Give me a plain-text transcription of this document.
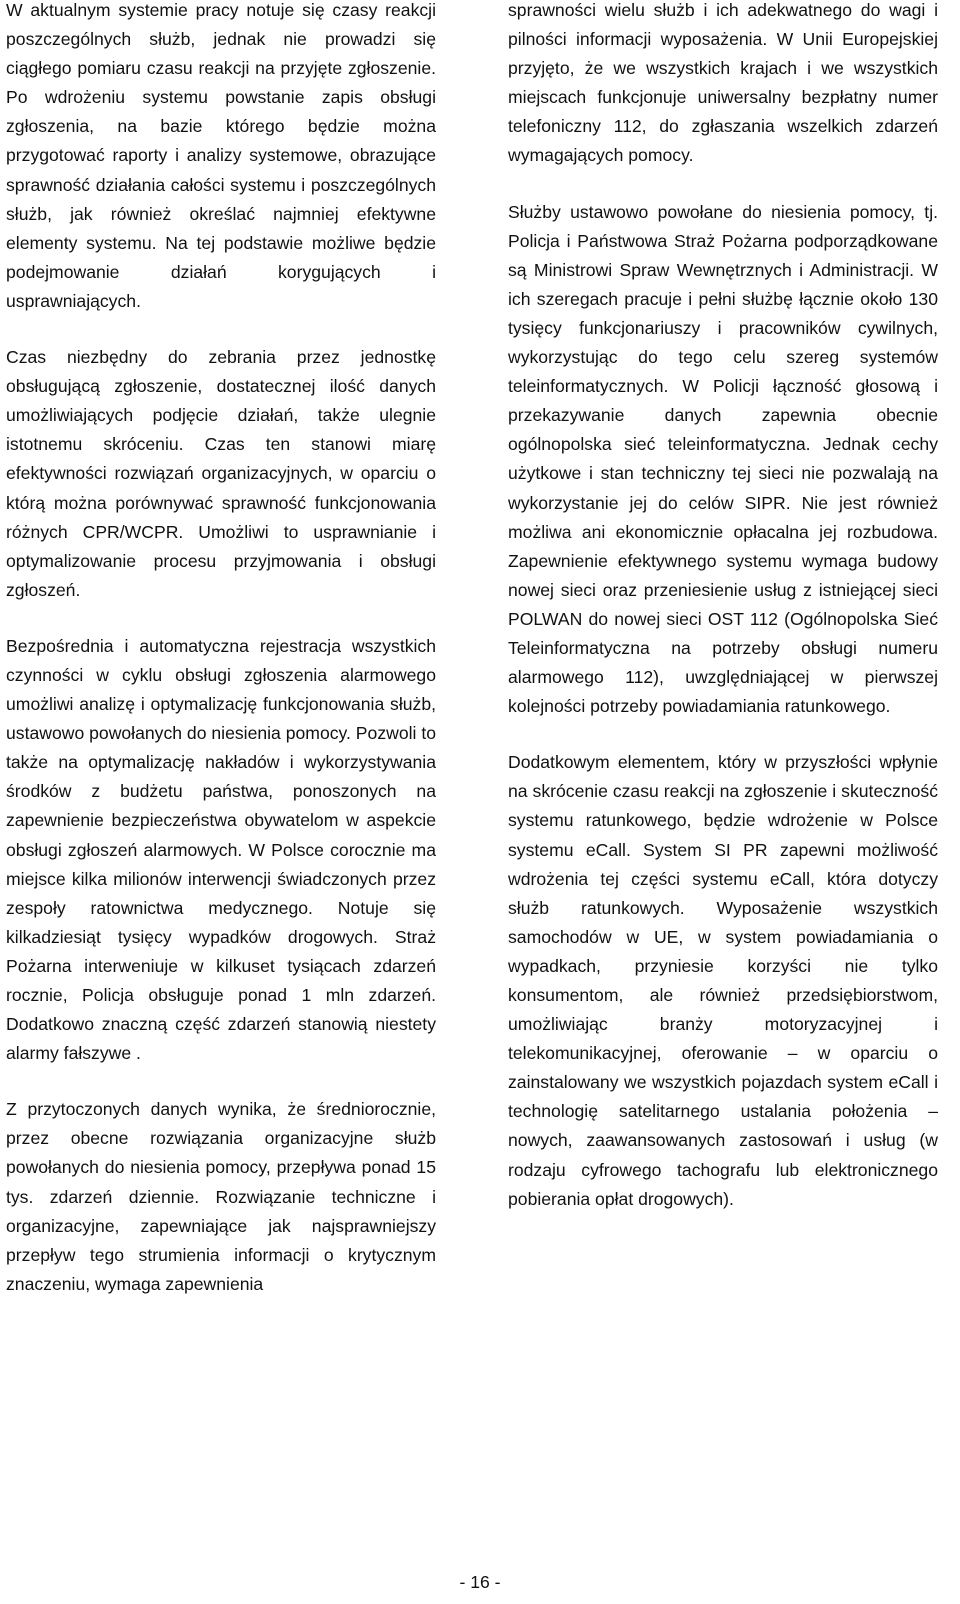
W aktualnym systemie pracy notuje się czasy reakcji poszczególnych służb, jednak nie prowadzi się ciągłego pomiaru czasu reakcji na przyjęte zgłoszenie. Po wdrożeniu systemu powstanie zapis obsługi zgłoszenia, na bazie którego będzie można przygotować raporty i analizy systemowe, obrazujące sprawność działania całości systemu i poszczególnych służb, jak również określać najmniej efektywne elementy systemu. Na tej podstawie możliwe będzie podejmowanie działań korygujących i usprawniających.

Czas niezbędny do zebrania przez jednostkę obsługującą zgłoszenie, dostatecznej ilość danych umożliwiających podjęcie działań, także ulegnie istotnemu skróceniu. Czas ten stanowi miarę efektywności rozwiązań organizacyjnych, w oparciu o którą można porównywać sprawność funkcjonowania różnych CPR/WCPR. Umożliwi to usprawnianie i optymalizowanie procesu przyjmowania i obsługi zgłoszeń.

Bezpośrednia i automatyczna rejestracja wszystkich czynności w cyklu obsługi zgłoszenia alarmowego umożliwi analizę i optymalizację funkcjonowania służb, ustawowo powołanych do niesienia pomocy. Pozwoli to także na optymalizację nakładów i wykorzystywania środków z budżetu państwa, ponoszonych na zapewnienie bezpieczeństwa obywatelom w aspekcie obsługi zgłoszeń alarmowych. W Polsce corocznie ma miejsce kilka milionów interwencji świadczonych przez zespoły ratownictwa medycznego. Notuje się kilkadziesiąt tysięcy wypadków drogowych. Straż Pożarna interweniuje w kilkuset tysiącach zdarzeń rocznie, Policja obsługuje ponad 1 mln zdarzeń. Dodatkowo znaczną część zdarzeń stanowią niestety alarmy fałszywe .

Z przytoczonych danych wynika, że średniorocznie, przez obecne rozwiązania organizacyjne służb powołanych do niesienia pomocy, przepływa ponad 15 tys. zdarzeń dziennie. Rozwiązanie techniczne i organizacyjne, zapewniające jak najsprawniejszy przepływ tego strumienia informacji o krytycznym znaczeniu, wymaga zapewnienia

sprawności wielu służb i ich adekwatnego do wagi i pilności informacji wyposażenia. W Unii Europejskiej przyjęto, że we wszystkich krajach i we wszystkich miejscach funkcjonuje uniwersalny bezpłatny numer telefoniczny 112, do zgłaszania wszelkich zdarzeń wymagających pomocy.

Służby ustawowo powołane do niesienia pomocy, tj. Policja i Państwowa Straż Pożarna podporządkowane są Ministrowi Spraw Wewnętrznych i Administracji. W ich szeregach pracuje i pełni służbę łącznie około 130 tysięcy funkcjonariuszy i pracowników cywilnych, wykorzystując do tego celu szereg systemów teleinformatycznych. W Policji łączność głosową i przekazywanie danych zapewnia obecnie ogólnopolska sieć teleinformatyczna. Jednak cechy użytkowe i stan techniczny tej sieci nie pozwalają na wykorzystanie jej do celów SIPR. Nie jest również możliwa ani ekonomicznie opłacalna jej rozbudowa. Zapewnienie efektywnego systemu wymaga budowy nowej sieci oraz przeniesienie usług z istniejącej sieci POLWAN do nowej sieci OST 112 (Ogólnopolska Sieć Teleinformatyczna na potrzeby obsługi numeru alarmowego 112), uwzględniającej w pierwszej kolejności potrzeby powiadamiania ratunkowego.

Dodatkowym elementem, który w przyszłości wpłynie na skrócenie czasu reakcji na zgłoszenie i skuteczność systemu ratunkowego, będzie wdrożenie w Polsce systemu eCall. System SI PR zapewni możliwość wdrożenia tej części systemu eCall, która dotyczy służb ratunkowych. Wyposażenie wszystkich samochodów w UE, w system powiadamiania o wypadkach, przyniesie korzyści nie tylko konsumentom, ale również przedsiębiorstwom, umożliwiając branży motoryzacyjnej i telekomunikacyjnej, oferowanie – w oparciu o zainstalowany we wszystkich pojazdach system eCall i technologię satelitarnego ustalania położenia – nowych, zaawansowanych zastosowań i usług (w rodzaju cyfrowego tachografu lub elektronicznego pobierania opłat drogowych).

- 16 -
